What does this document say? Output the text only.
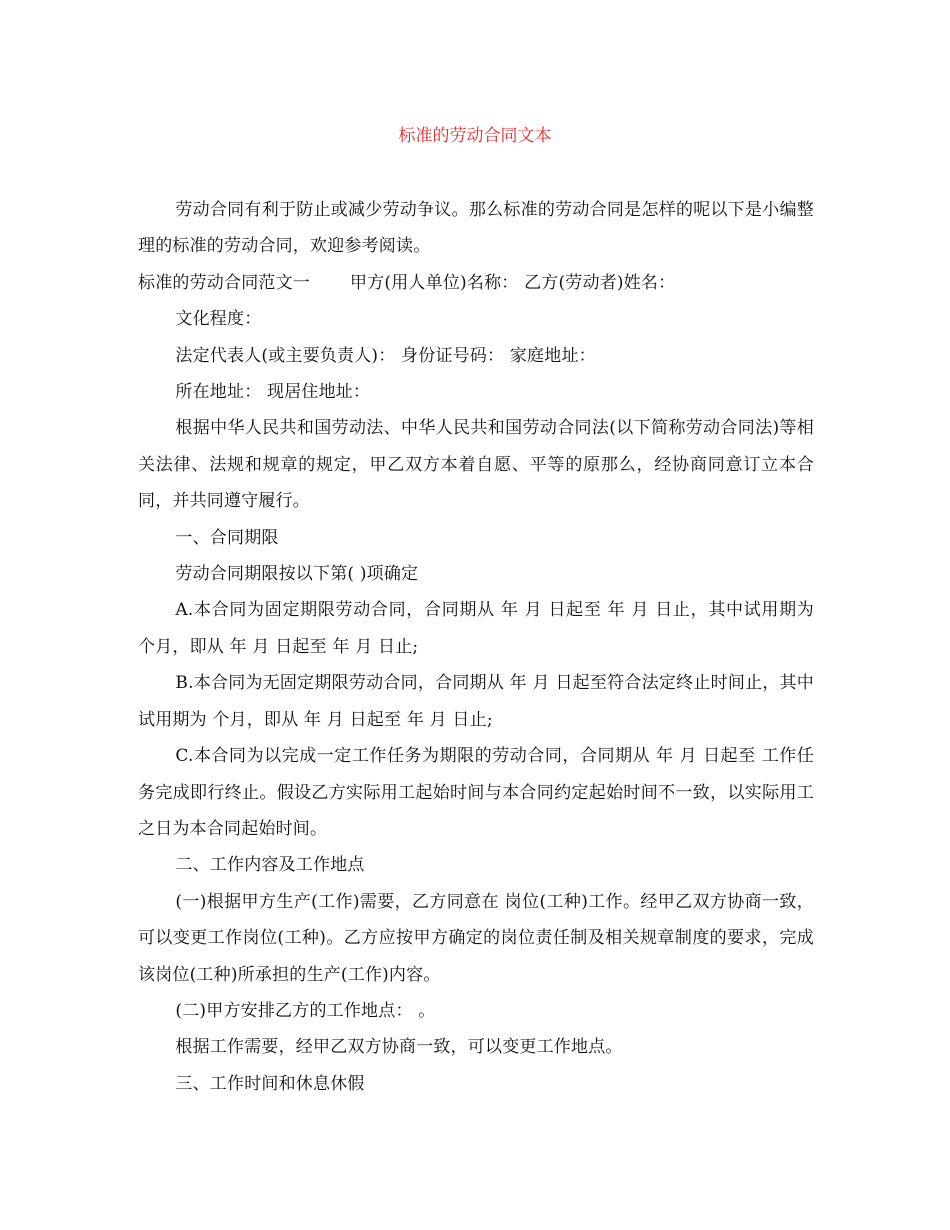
标准的劳动合同文本

劳动合同有利于防止或减少劳动争议。那么标准的劳动合同是怎样的呢以下是小编整理的标准的劳动合同，欢迎参考阅读。

标准的劳动合同范文一 甲方(用人单位)名称： 乙方(劳动者)姓名：

文化程度：

法定代表人(或主要负责人)： 身份证号码： 家庭地址：

所在地址： 现居住地址：

根据中华人民共和国劳动法、中华人民共和国劳动合同法(以下简称劳动合同法)等相关法律、法规和规章的规定，甲乙双方本着自愿、平等的原那么，经协商同意订立本合同，并共同遵守履行。

一、合同期限

劳动合同期限按以下第( )项确定

A.本合同为固定期限劳动合同，合同期从 年 月 日起至 年 月 日止，其中试用期为 个月，即从 年 月 日起至 年 月 日止;

B.本合同为无固定期限劳动合同，合同期从 年 月 日起至符合法定终止时间止，其中试用期为 个月，即从 年 月 日起至 年 月 日止;

C.本合同为以完成一定工作任务为期限的劳动合同，合同期从 年 月 日起至 工作任务完成即行终止。假设乙方实际用工起始时间与本合同约定起始时间不一致，以实际用工之日为本合同起始时间。

二、工作内容及工作地点

(一)根据甲方生产(工作)需要，乙方同意在 岗位(工种)工作。经甲乙双方协商一致，可以变更工作岗位(工种)。乙方应按甲方确定的岗位责任制及相关规章制度的要求，完成该岗位(工种)所承担的生产(工作)内容。

(二)甲方安排乙方的工作地点： 。

根据工作需要，经甲乙双方协商一致，可以变更工作地点。

三、工作时间和休息休假
